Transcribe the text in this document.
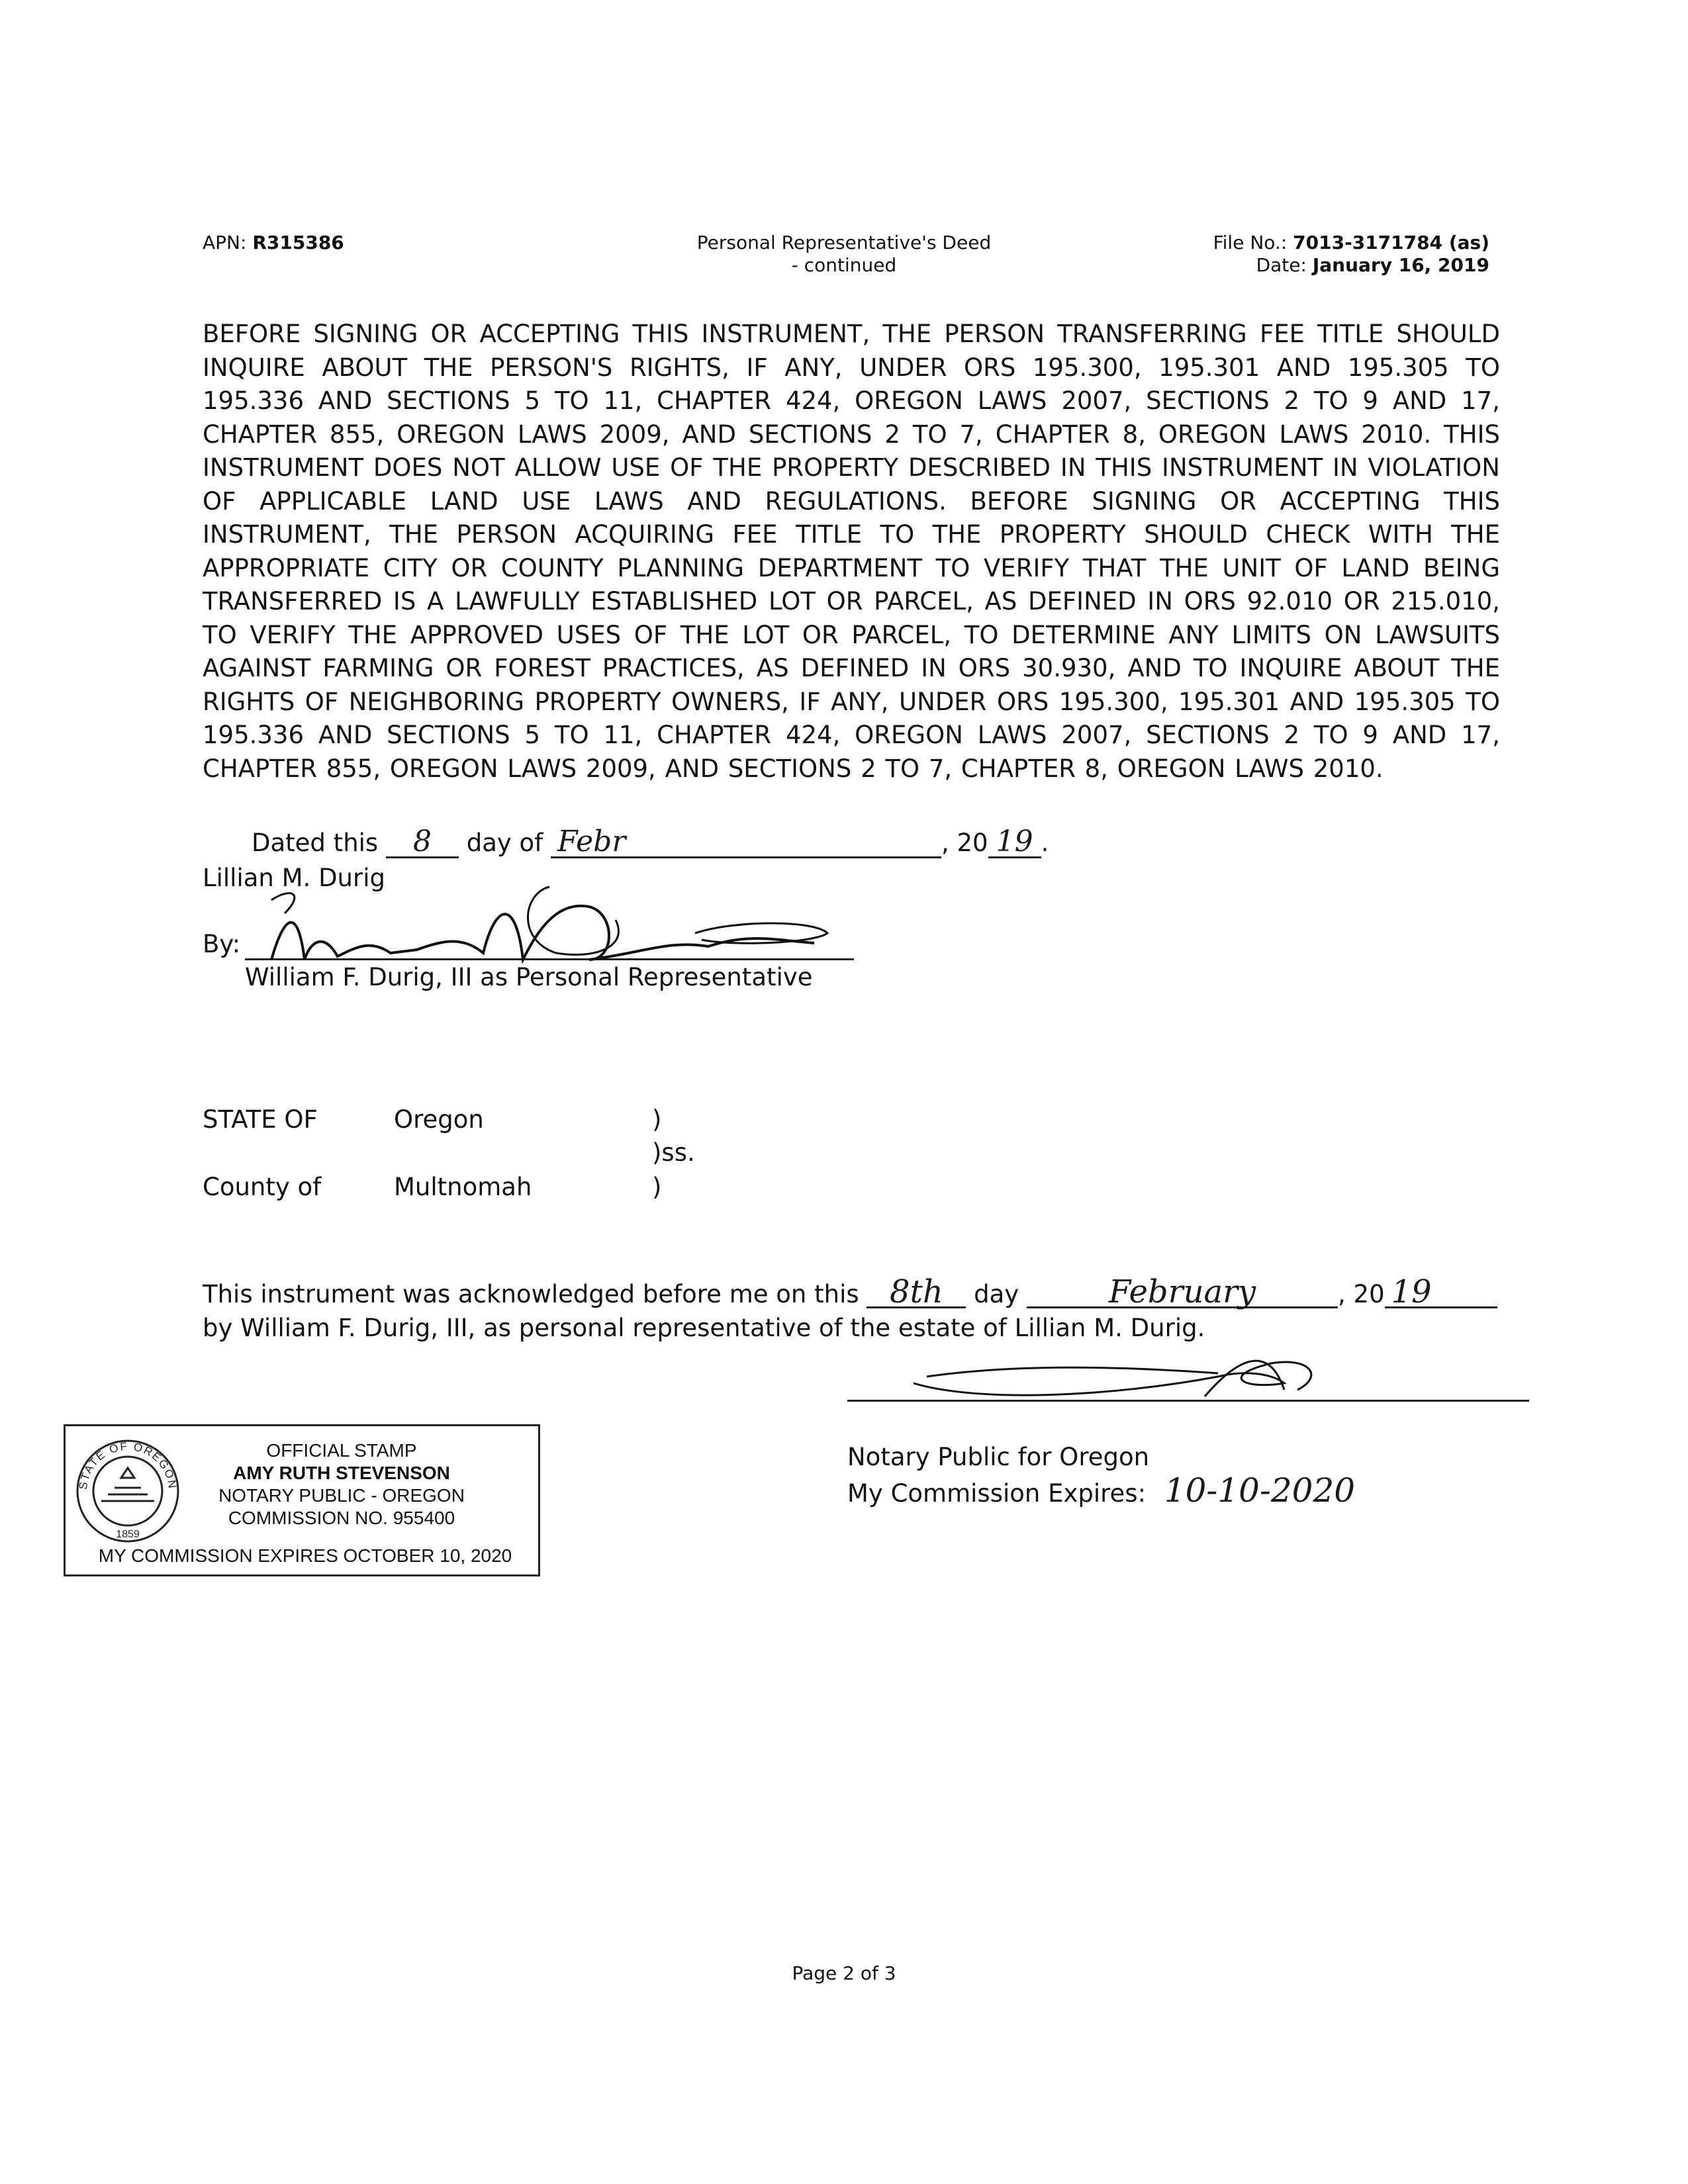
APN: R315386	Personal Representative's Deed
- continued
File No.: 7013-3171784 (as)
Date: January 16, 2019
BEFORE SIGNING OR ACCEPTING THIS INSTRUMENT, THE PERSON TRANSFERRING FEE TITLE SHOULD INQUIRE ABOUT THE PERSON'S RIGHTS, IF ANY, UNDER ORS 195.300, 195.301 AND 195.305 TO 195.336 AND SECTIONS 5 TO 11, CHAPTER 424, OREGON LAWS 2007, SECTIONS 2 TO 9 AND 17, CHAPTER 855, OREGON LAWS 2009, AND SECTIONS 2 TO 7, CHAPTER 8, OREGON LAWS 2010. THIS INSTRUMENT DOES NOT ALLOW USE OF THE PROPERTY DESCRIBED IN THIS INSTRUMENT IN VIOLATION OF APPLICABLE LAND USE LAWS AND REGULATIONS. BEFORE SIGNING OR ACCEPTING THIS INSTRUMENT, THE PERSON ACQUIRING FEE TITLE TO THE PROPERTY SHOULD CHECK WITH THE APPROPRIATE CITY OR COUNTY PLANNING DEPARTMENT TO VERIFY THAT THE UNIT OF LAND BEING TRANSFERRED IS A LAWFULLY ESTABLISHED LOT OR PARCEL, AS DEFINED IN ORS 92.010 OR 215.010, TO VERIFY THE APPROVED USES OF THE LOT OR PARCEL, TO DETERMINE ANY LIMITS ON LAWSUITS AGAINST FARMING OR FOREST PRACTICES, AS DEFINED IN ORS 30.930, AND TO INQUIRE ABOUT THE RIGHTS OF NEIGHBORING PROPERTY OWNERS, IF ANY, UNDER ORS 195.300, 195.301 AND 195.305 TO 195.336 AND SECTIONS 5 TO 11, CHAPTER 424, OREGON LAWS 2007, SECTIONS 2 TO 9 AND 17, CHAPTER 855, OREGON LAWS 2009, AND SECTIONS 2 TO 7, CHAPTER 8, OREGON LAWS 2010.
Dated this 8 day of Febr	, 20 19 .
Lillian M. Durig
By:
William F. Durig, III as Personal Representative
STATE OF	Oregon	)
)ss.
County of	Multnomah	)
This instrument was acknowledged before me on this 8th day	February	, 20 19
by William F. Durig, III, as personal representative of the estate of Lillian M. Durig.
STATE OF OREGON
1859
OFFICIAL STAMP
AMY RUTH STEVENSON
NOTARY PUBLIC - OREGON
COMMISSION NO. 955400
MY COMMISSION EXPIRES OCTOBER 10, 2020
Notary Public for Oregon
My Commission Expires: 10-10-2020
Page 2 of 3
